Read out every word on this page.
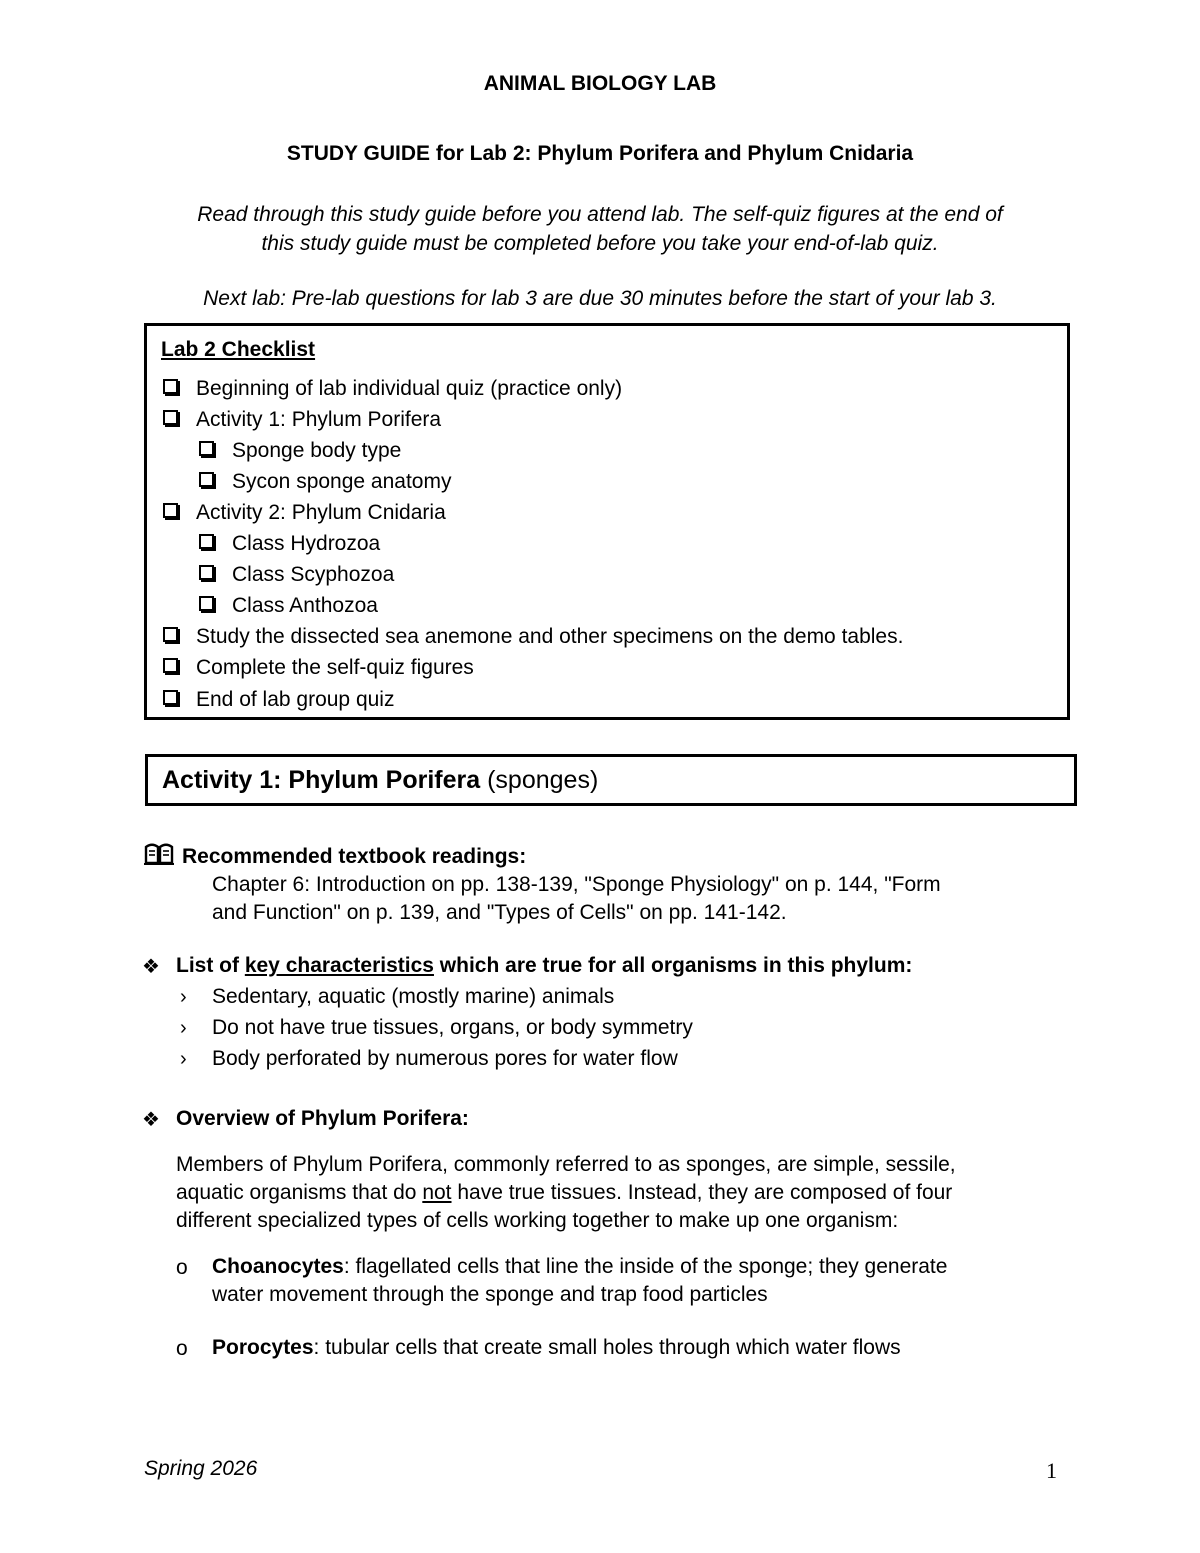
ANIMAL BIOLOGY LAB
STUDY GUIDE for Lab 2: Phylum Porifera and Phylum Cnidaria
Read through this study guide before you attend lab. The self-quiz figures at the end of
this study guide must be completed before you take your end-of-lab quiz.
Next lab: Pre-lab questions for lab 3 are due 30 minutes before the start of your lab 3.
Lab 2 Checklist
Beginning of lab individual quiz (practice only)
Activity 1: Phylum Porifera
Sponge body type
Sycon sponge anatomy
Activity 2: Phylum Cnidaria
Class Hydrozoa
Class Scyphozoa
Class Anthozoa
Study the dissected sea anemone and other specimens on the demo tables.
Complete the self-quiz figures
End of lab group quiz
Activity 1: Phylum Porifera (sponges)
Recommended textbook readings:
Chapter 6: Introduction on pp. 138-139, "Sponge Physiology" on p. 144, "Form
and Function" on p. 139, and "Types of Cells" on pp. 141-142.
❖ List of key characteristics which are true for all organisms in this phylum:
› Sedentary, aquatic (mostly marine) animals
› Do not have true tissues, organs, or body symmetry
› Body perforated by numerous pores for water flow
❖ Overview of Phylum Porifera:
Members of Phylum Porifera, commonly referred to as sponges, are simple, sessile,
aquatic organisms that do not have true tissues. Instead, they are composed of four
different specialized types of cells working together to make up one organism:
o Choanocytes: flagellated cells that line the inside of the sponge; they generate
water movement through the sponge and trap food particles
o Porocytes: tubular cells that create small holes through which water flows
Spring 2026	1
